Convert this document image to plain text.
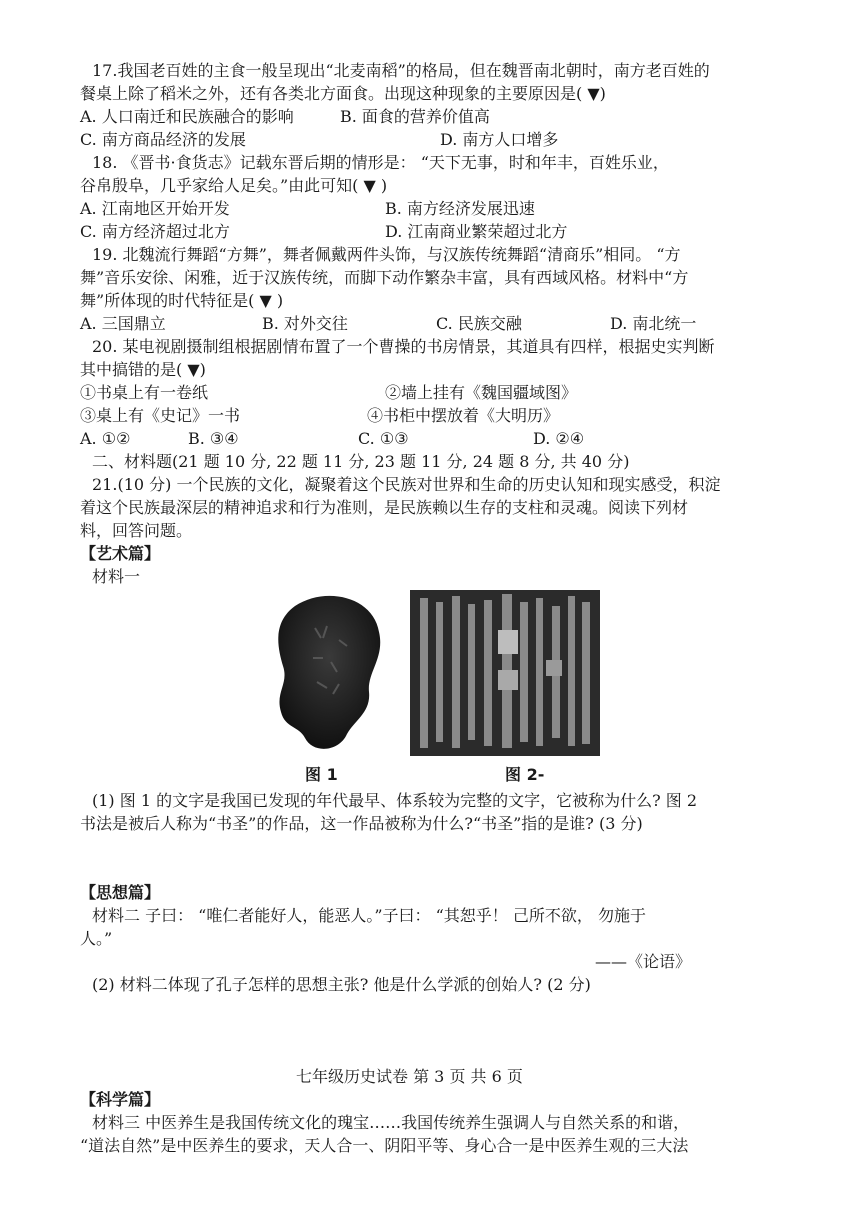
17.我国老百姓的主食一般呈现出“北麦南稻”的格局，但在魏晋南北朝时，南方老百姓的
餐桌上除了稻米之外，还有各类北方面食。出现这种现象的主要原因是( ▼)
A. 人口南迁和民族融合的影响	B. 面食的营养价值高
C. 南方商品经济的发展	D. 南方人口增多
18. 《晋书·食货志》记载东晋后期的情形是： “天下无事，时和年丰，百姓乐业，
谷帛殷阜，几乎家给人足矣。”由此可知( ▼ )
A. 江南地区开始开发	B. 南方经济发展迅速
C. 南方经济超过北方	D. 江南商业繁荣超过北方
19. 北魏流行舞蹈“方舞”，舞者佩戴两件头饰，与汉族传统舞蹈“清商乐”相同。 “方
舞”音乐安徐、闲雅，近于汉族传统，而脚下动作繁杂丰富，具有西域风格。材料中“方
舞”所体现的时代特征是( ▼ )
A. 三国鼎立	B. 对外交往	C. 民族交融	D. 南北统一
20. 某电视剧摄制组根据剧情布置了一个曹操的书房情景，其道具有四样，根据史实判断
其中搞错的是( ▼)
①书桌上有一卷纸	②墙上挂有《魏国疆域图》
③桌上有《史记》一书	④书柜中摆放着《大明历》
A. ①②	B. ③④	C. ①③	D. ②④
二、材料题(21 题 10 分, 22 题 11 分, 23 题 11 分, 24 题 8 分, 共 40 分)
21.(10 分) 一个民族的文化，凝聚着这个民族对世界和生命的历史认知和现实感受，积淀
着这个民族最深层的精神追求和行为准则，是民族赖以生存的支柱和灵魂。阅读下列材
料，回答问题。
【艺术篇】
材料一
图 1	图 2-
(1) 图 1 的文字是我国已发现的年代最早、体系较为完整的文字，它被称为什么? 图 2
书法是被后人称为“书圣”的作品，这一作品被称为什么?“书圣”指的是谁? (3 分)
【思想篇】
材料二 子曰： “唯仁者能好人，能恶人。”子曰： “其恕乎！ 己所不欲， 勿施于
人。”
——《论语》
(2) 材料二体现了孔子怎样的思想主张? 他是什么学派的创始人? (2 分)
七年级历史试卷 第 3 页 共 6 页
【科学篇】
材料三 中医养生是我国传统文化的瑰宝……我国传统养生强调人与自然关系的和谐，
“道法自然”是中医养生的要求，天人合一、阴阳平等、身心合一是中医养生观的三大法
